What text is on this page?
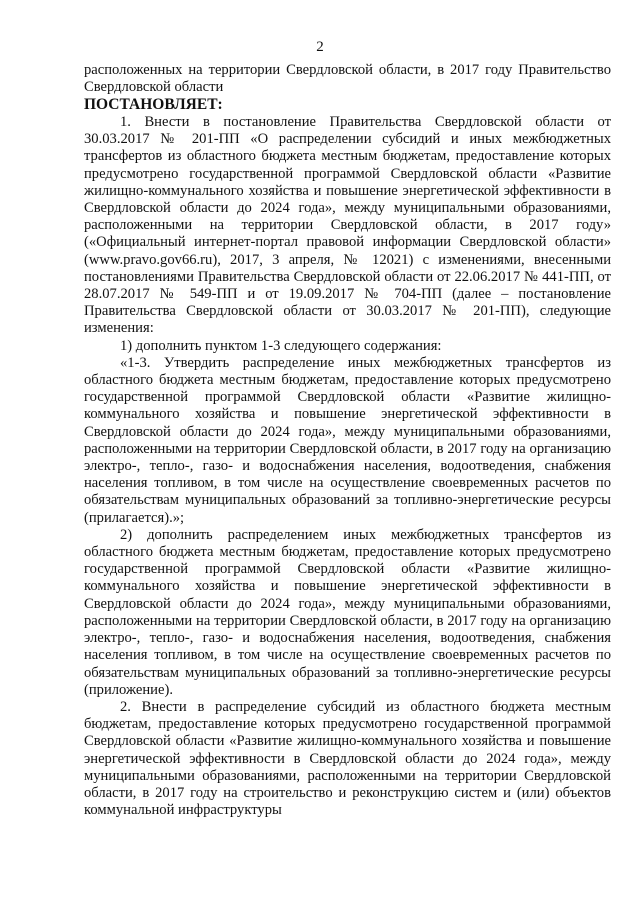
2

расположенных на территории Свердловской области, в 2017 году Правительство Свердловской области

ПОСТАНОВЛЯЕТ:

1. Внести в постановление Правительства Свердловской области от 30.03.2017 № 201-ПП «О распределении субсидий и иных межбюджетных трансфертов из областного бюджета местным бюджетам, предоставление которых предусмотрено государственной программой Свердловской области «Развитие жилищно-коммунального хозяйства и повышение энергетической эффективности в Свердловской области до 2024 года», между муниципальными образованиями, расположенными на территории Свердловской области, в 2017 году» («Официальный интернет-портал правовой информации Свердловской области» (www.pravo.gov66.ru), 2017, 3 апреля, № 12021) с изменениями, внесенными постановлениями Правительства Свердловской области от 22.06.2017 № 441-ПП, от 28.07.2017 № 549-ПП и от 19.09.2017 № 704-ПП (далее – постановление Правительства Свердловской области от 30.03.2017 № 201-ПП), следующие изменения:

1) дополнить пунктом 1-3 следующего содержания:

«1-3. Утвердить распределение иных межбюджетных трансфертов из областного бюджета местным бюджетам, предоставление которых предусмотрено государственной программой Свердловской области «Развитие жилищно-коммунального хозяйства и повышение энергетической эффективности в Свердловской области до 2024 года», между муниципальными образованиями, расположенными на территории Свердловской области, в 2017 году на организацию электро-, тепло-, газо- и водоснабжения населения, водоотведения, снабжения населения топливом, в том числе на осуществление своевременных расчетов по обязательствам муниципальных образований за топливно-энергетические ресурсы (прилагается).»;

2) дополнить распределением иных межбюджетных трансфертов из областного бюджета местным бюджетам, предоставление которых предусмотрено государственной программой Свердловской области «Развитие жилищно-коммунального хозяйства и повышение энергетической эффективности в Свердловской области до 2024 года», между муниципальными образованиями, расположенными на территории Свердловской области, в 2017 году на организацию электро-, тепло-, газо- и водоснабжения населения, водоотведения, снабжения населения топливом, в том числе на осуществление своевременных расчетов по обязательствам муниципальных образований за топливно-энергетические ресурсы (приложение).

2. Внести в распределение субсидий из областного бюджета местным бюджетам, предоставление которых предусмотрено государственной программой Свердловской области «Развитие жилищно-коммунального хозяйства и повышение энергетической эффективности в Свердловской области до 2024 года», между муниципальными образованиями, расположенными на территории Свердловской области, в 2017 году на строительство и реконструкцию систем и (или) объектов коммунальной инфраструктуры
